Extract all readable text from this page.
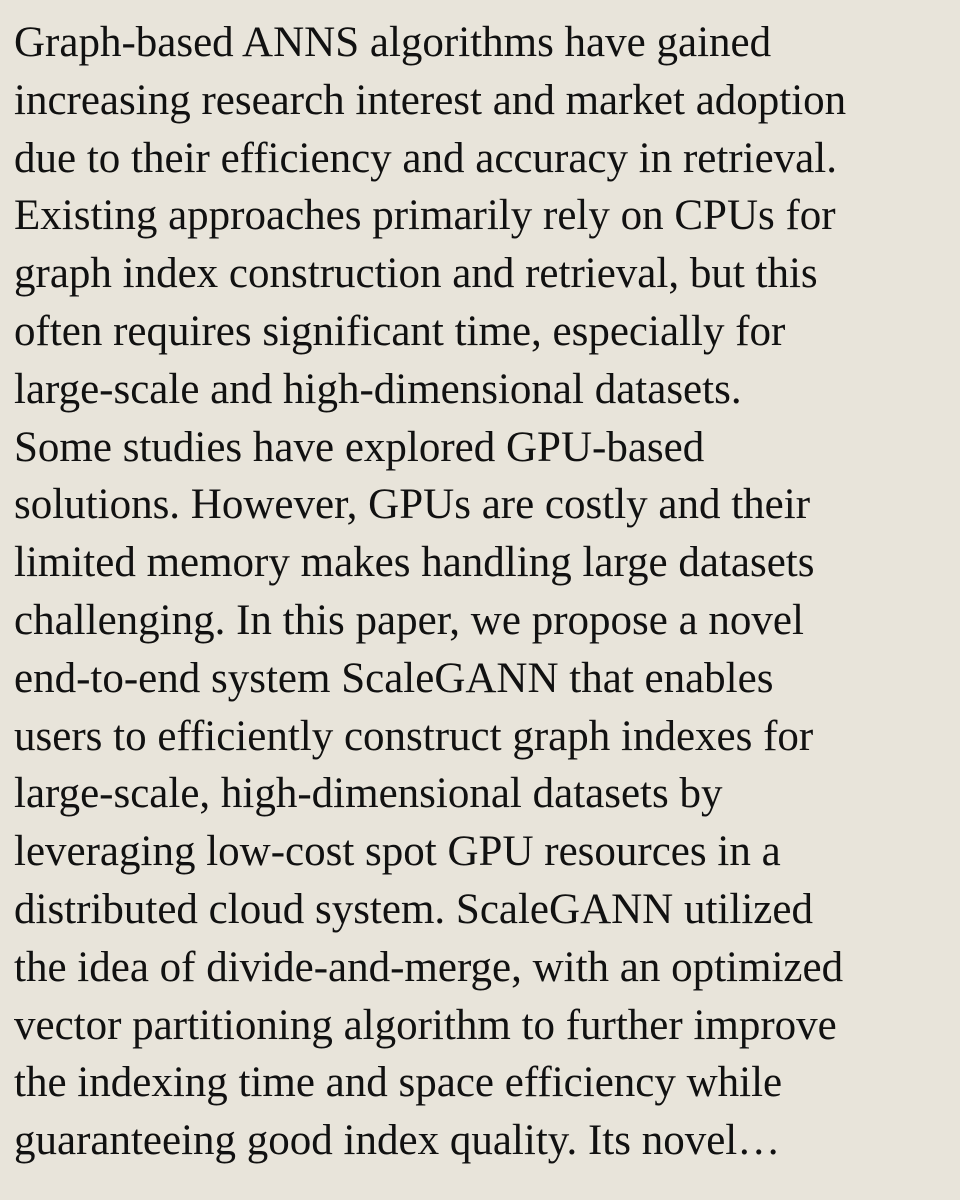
Graph-based ANNS algorithms have gained
increasing research interest and market adoption
due to their efficiency and accuracy in retrieval.
Existing approaches primarily rely on CPUs for
graph index construction and retrieval, but this
often requires significant time, especially for
large-scale and high-dimensional datasets.
Some studies have explored GPU-based
solutions. However, GPUs are costly and their
limited memory makes handling large datasets
challenging. In this paper, we propose a novel
end-to-end system ScaleGANN that enables
users to efficiently construct graph indexes for
large-scale, high-dimensional datasets by
leveraging low-cost spot GPU resources in a
distributed cloud system. ScaleGANN utilized
the idea of divide-and-merge, with an optimized
vector partitioning algorithm to further improve
the indexing time and space efficiency while
guaranteeing good index quality. Its novel…
